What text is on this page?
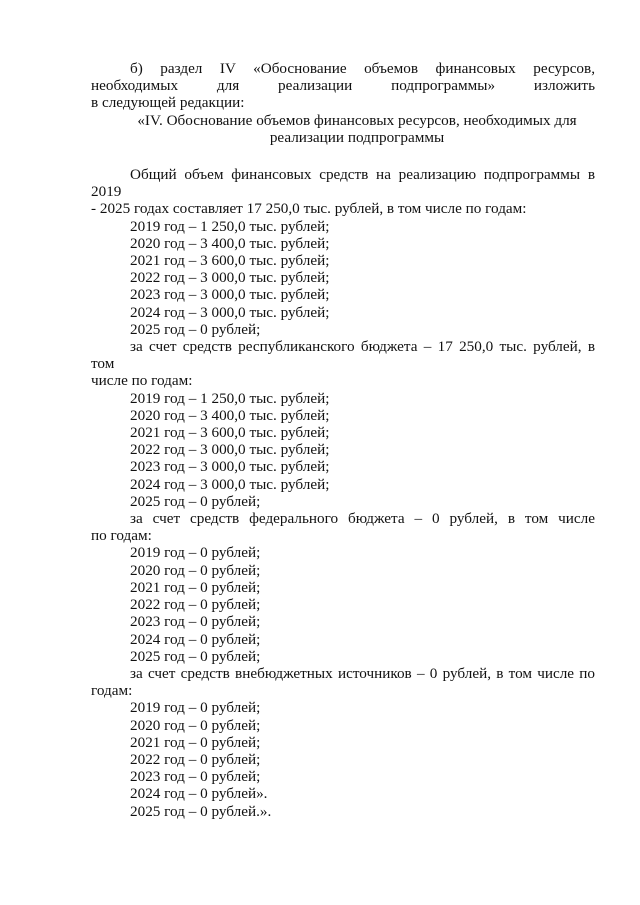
б) раздел IV «Обоснование объемов финансовых ресурсов,

необходимых для реализации подпрограммы» изложить

в следующей редакции:

«IV. Обоснование объемов финансовых ресурсов, необходимых для

реализации подпрограммы

Общий объем финансовых средств на реализацию подпрограммы в 2019

- 2025 годах составляет 17 250,0 тыс. рублей, в том числе по годам:

2019 год – 1 250,0 тыс. рублей;

2020 год – 3 400,0 тыс. рублей;

2021 год – 3 600,0 тыс. рублей;

2022 год – 3 000,0 тыс. рублей;

2023 год – 3 000,0 тыс. рублей;

2024 год – 3 000,0 тыс. рублей;

2025 год – 0 рублей;

за счет средств республиканского бюджета – 17 250,0 тыс. рублей, в том

числе по годам:

2019 год – 1 250,0 тыс. рублей;

2020 год – 3 400,0 тыс. рублей;

2021 год – 3 600,0 тыс. рублей;

2022 год – 3 000,0 тыс. рублей;

2023 год – 3 000,0 тыс. рублей;

2024 год – 3 000,0 тыс. рублей;

2025 год – 0 рублей;

за счет средств федерального бюджета – 0 рублей, в том числе

по годам:

2019 год – 0 рублей;

2020 год – 0 рублей;

2021 год – 0 рублей;

2022 год – 0 рублей;

2023 год – 0 рублей;

2024 год – 0 рублей;

2025 год – 0 рублей;

за счет средств внебюджетных источников – 0 рублей, в том числе по

годам:

2019 год – 0 рублей;

2020 год – 0 рублей;

2021 год – 0 рублей;

2022 год – 0 рублей;

2023 год – 0 рублей;

2024 год – 0 рублей».

2025 год – 0 рублей.».
